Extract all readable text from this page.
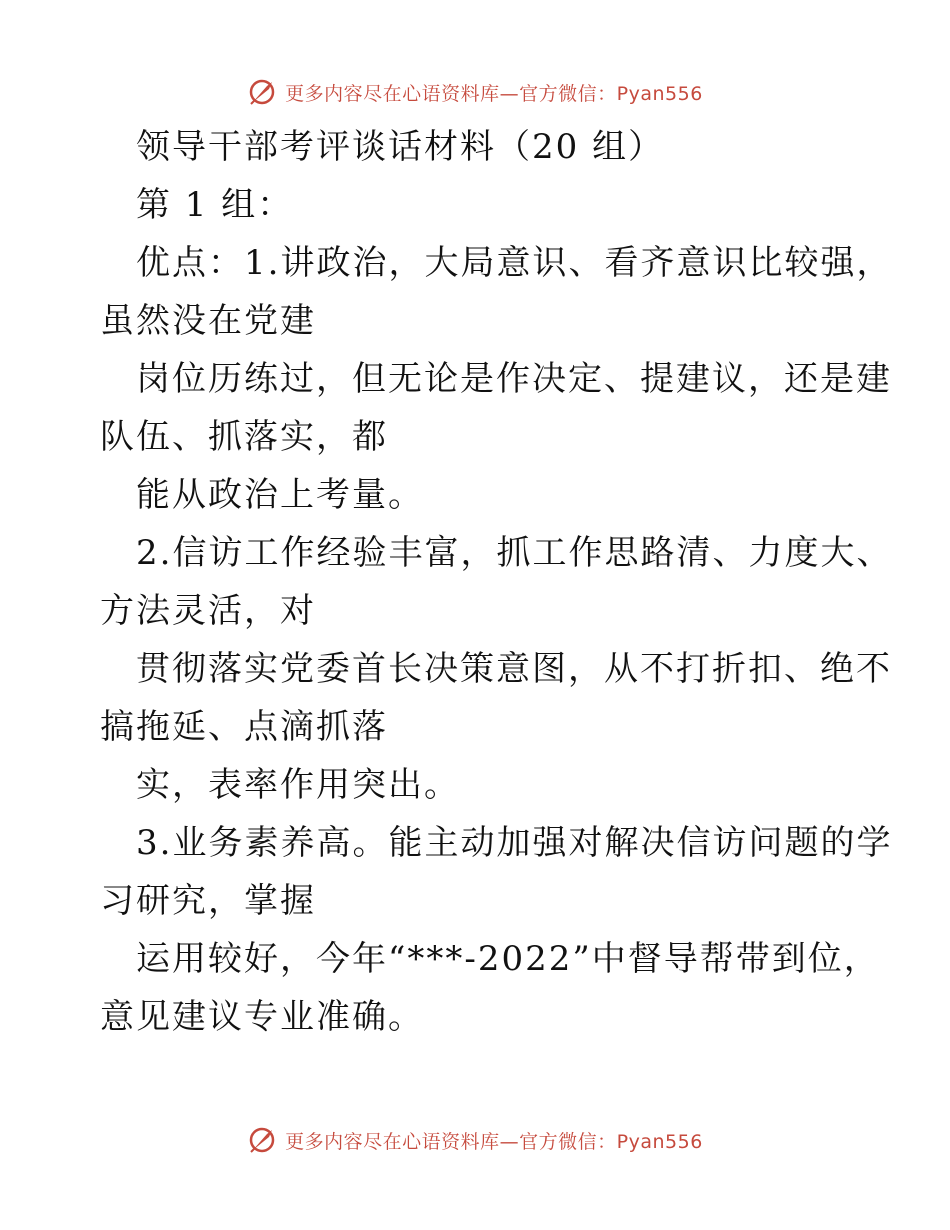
更多内容尽在心语资料库—官方微信：Pyan556
领导干部考评谈话材料（20 组）
第 1 组：
优点：1.讲政治，大局意识、看齐意识比较强，
虽然没在党建
岗位历练过，但无论是作决定、提建议，还是建
队伍、抓落实，都
能从政治上考量。
2.信访工作经验丰富，抓工作思路清、力度大、
方法灵活，对
贯彻落实党委首长决策意图，从不打折扣、绝不
搞拖延、点滴抓落
实，表率作用突出。
3.业务素养高。能主动加强对解决信访问题的学
习研究，掌握
运用较好，今年“***-2022”中督导帮带到位，
意见建议专业准确。
更多内容尽在心语资料库—官方微信：Pyan556
